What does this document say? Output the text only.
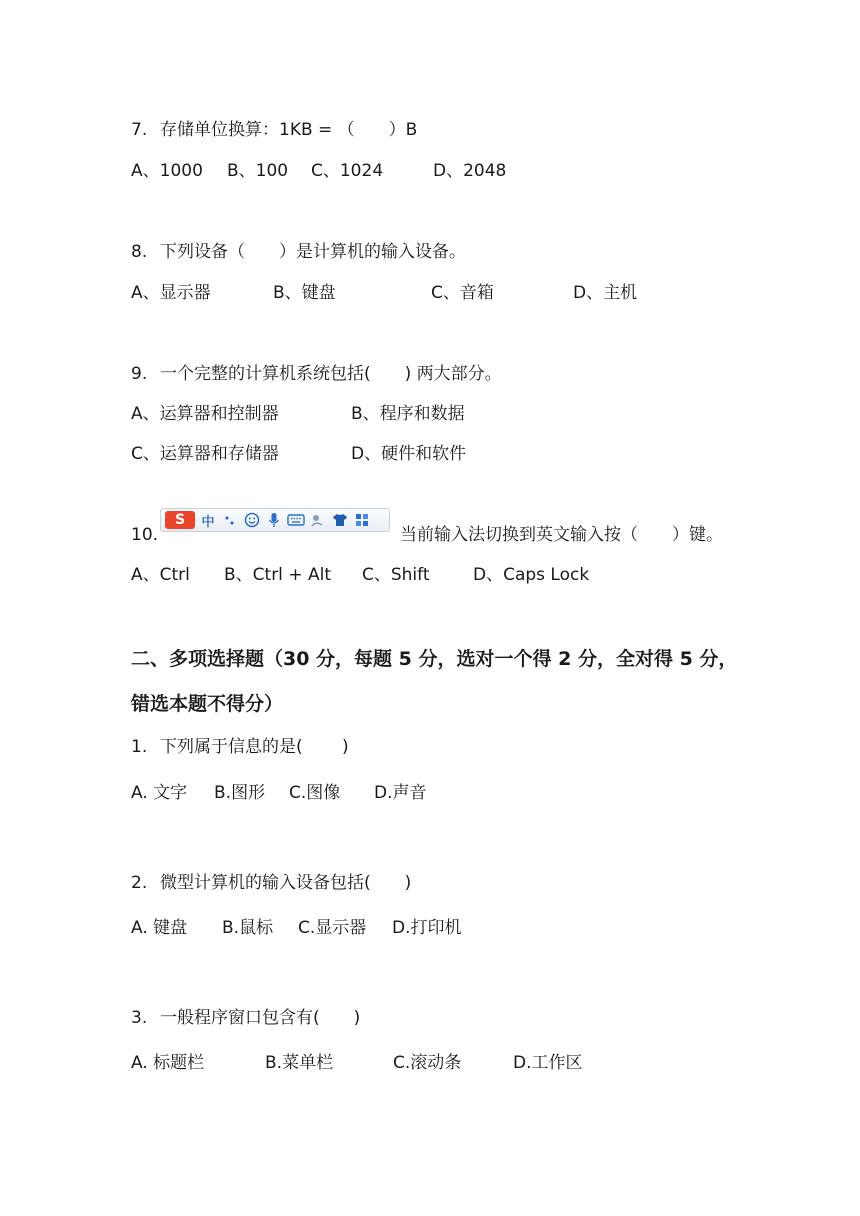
7. 存储单位换算：1KB = （　　）B
A、1000 B、100 C、1024	D、2048
8. 下列设备（　　）是计算机的输入设备。
A、显示器	B、键盘	C、音箱	D、主机
9. 一个完整的计算机系统包括(　　) 两大部分。
A、运算器和控制器	B、程序和数据
C、运算器和存储器	D、硬件和软件
10.
S	中
当前输入法切换到英文输入按（　　）键。
A、Ctrl B、Ctrl + Alt C、Shift	D、Caps Lock
二、多项选择题（30 分，每题 5 分，选对一个得 2 分，全对得 5 分，
错选本题不得分）
1. 下列属于信息的是(　　 )
A. 文字 B.图形 C.图像 D.声音
2. 微型计算机的输入设备包括(　　)
A. 键盘 B.鼠标 C.显示器 D.打印机
3. 一般程序窗口包含有(　　)
A. 标题栏	B.菜单栏	C.滚动条	D.工作区
